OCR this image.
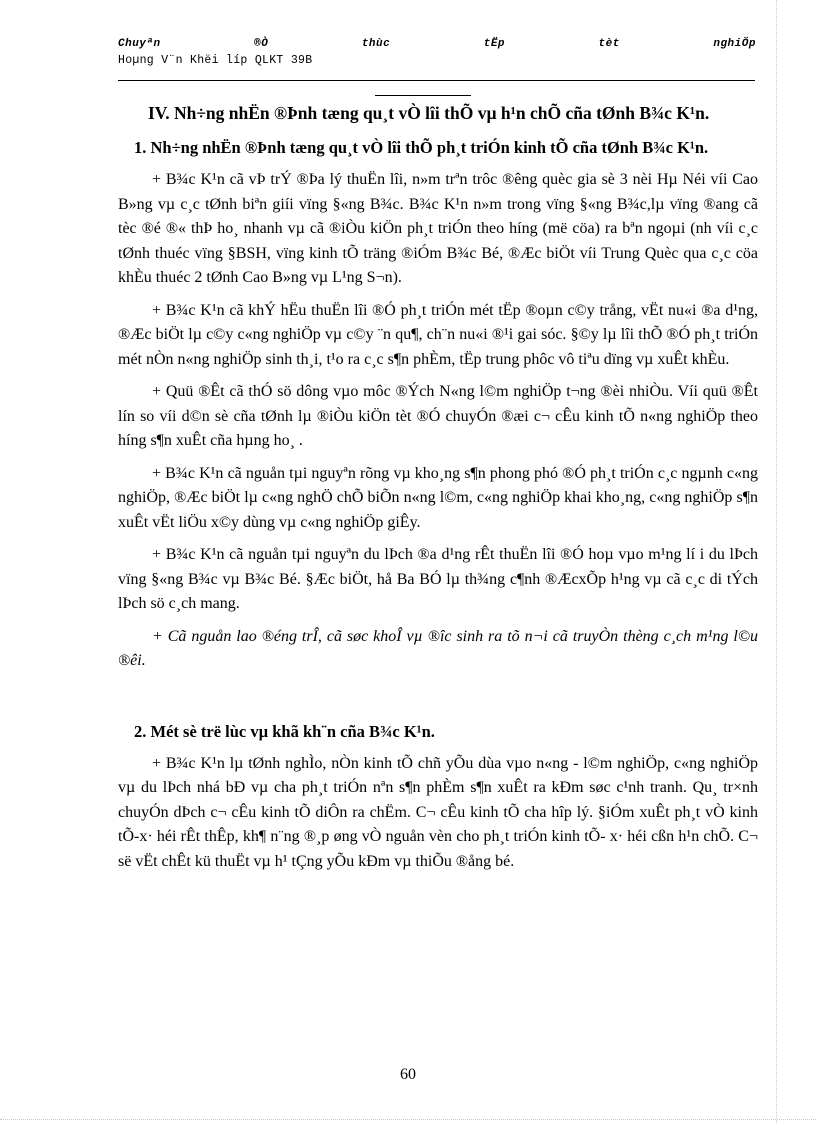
Chuyªn	®Ò	thùc	tËp	tèt	nghiÖp
Hoµng V¨n Khëi líp QLKT 39B

IV. Nh÷ng nhËn ®Þnh tæng qu¸t vÒ lîi thÕ vµ h¹n chÕ cña tØnh B¾c K¹n.

1. Nh÷ng nhËn ®Þnh tæng qu¸t vÒ lîi thÕ ph¸t triÓn kinh tÕ cña tØnh B¾c K¹n.

+ B¾c K¹n cã vÞ trÝ ®Þa lý thuËn lîi, n»m trªn trôc ®êng quèc gia sè 3 nèi Hµ Néi víi Cao B»ng vµ c¸c tØnh biªn giíi vïng §«ng B¾c. B¾c K¹n n»m trong vïng §«ng B¾c,lµ vïng ®ang cã tèc ®é ®« thÞ ho¸ nhanh vµ cã ®iÒu kiÖn ph¸t triÓn theo híng (më cöa) ra bªn ngoµi (nh víi c¸c tØnh thuéc vïng §BSH, vïng kinh tÕ träng ®iÓm B¾c Bé, ®Æc biÖt víi Trung Quèc qua c¸c cöa khÈu thuéc 2 tØnh Cao B»ng vµ L¹ng S¬n).

+ B¾c K¹n cã khÝ hËu thuËn lîi ®Ó ph¸t triÓn mét tËp ®oµn c©y trång, vËt nu«i ®a d¹ng, ®Æc biÖt lµ c©y c«ng nghiÖp vµ c©y ¨n qu¶, ch¨n nu«i ®¹i gai sóc. §©y lµ lîi thÕ ®Ó ph¸t triÓn mét nÒn n«ng nghiÖp sinh th¸i, t¹o ra c¸c s¶n phÈm, tËp trung phôc vô tiªu dïng vµ xuÊt khÈu.

+ Quü ®Êt cã thÓ sö dông vµo môc ®Ých N«ng l©m nghiÖp t¬ng ®èi nhiÒu. Víi quü ®Êt lín so víi d©n sè cña tØnh lµ ®iÒu kiÖn tèt ®Ó chuyÓn ®æi c¬ cÊu kinh tÕ n«ng nghiÖp theo híng s¶n xuÊt cña hµng ho¸ .

+ B¾c K¹n cã nguån tµi nguyªn rõng vµ kho¸ng s¶n phong phó ®Ó ph¸t triÓn c¸c ngµnh c«ng nghiÖp, ®Æc biÖt lµ c«ng nghÖ chÕ biÕn n«ng l©m, c«ng nghiÖp khai kho¸ng, c«ng nghiÖp s¶n xuÊt vËt liÖu x©y dùng vµ c«ng nghiÖp giÊy.

+ B¾c K¹n cã nguån tµi nguyªn du lÞch ®a d¹ng rÊt thuËn lîi ®Ó hoµ vµo m¹ng lí i du lÞch vïng §«ng B¾c vµ B¾c Bé. §Æc biÖt, hå Ba BÓ lµ th¾ng c¶nh ®ÆcxÕp h¹ng vµ cã c¸c di tÝch lÞch sö c¸ch mang.

+ Cã nguån lao ®éng trÎ, cã søc khoÎ vµ ®îc sinh ra tõ n¬i cã truyÒn thèng c¸ch m¹ng l©u ®êi.

2. Mét sè trë lùc vµ khã kh¨n cña B¾c K¹n.

+ B¾c K¹n lµ tØnh nghÌo, nÒn kinh tÕ chñ yÕu dùa vµo n«ng - l©m nghiÖp, c«ng nghiÖp vµ du lÞch nhá bÐ vµ cha ph¸t triÓn nªn s¶n phÈm s¶n xuÊt ra kÐm søc c¹nh tranh. Qu¸ tr×nh chuyÓn dÞch c¬ cÊu kinh tÕ diÔn ra chËm. C¬ cÊu kinh tÕ cha hîp lý. §iÓm xuÊt ph¸t vÒ kinh tÕ-x· héi rÊt thÊp, kh¶ n¨ng ®¸p øng vÒ nguån vèn cho ph¸t triÓn kinh tÕ- x· héi cßn h¹n chÕ. C¬ së vËt chÊt kü thuËt vµ h¹ tÇng yÕu kÐm vµ thiÕu ®ång bé.

60
